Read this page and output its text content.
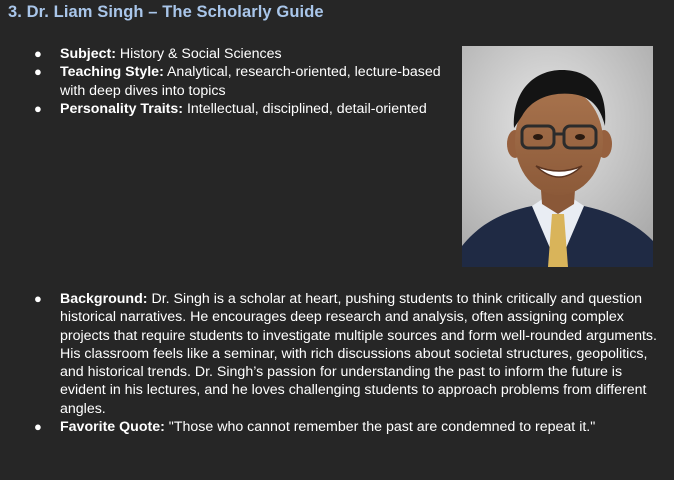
3. Dr. Liam Singh – The Scholarly Guide
● Subject: History & Social Sciences
● Teaching Style: Analytical, research-oriented, lecture-based with deep dives into topics
● Personality Traits: Intellectual, disciplined, detail-oriented
● Background: Dr. Singh is a scholar at heart, pushing students to think critically and question historical narratives. He encourages deep research and analysis, often assigning complex projects that require students to investigate multiple sources and form well-rounded arguments. His classroom feels like a seminar, with rich discussions about societal structures, geopolitics, and historical trends. Dr. Singh’s passion for understanding the past to inform the future is evident in his lectures, and he loves challenging students to approach problems from different angles.
● Favorite Quote: "Those who cannot remember the past are condemned to repeat it."
